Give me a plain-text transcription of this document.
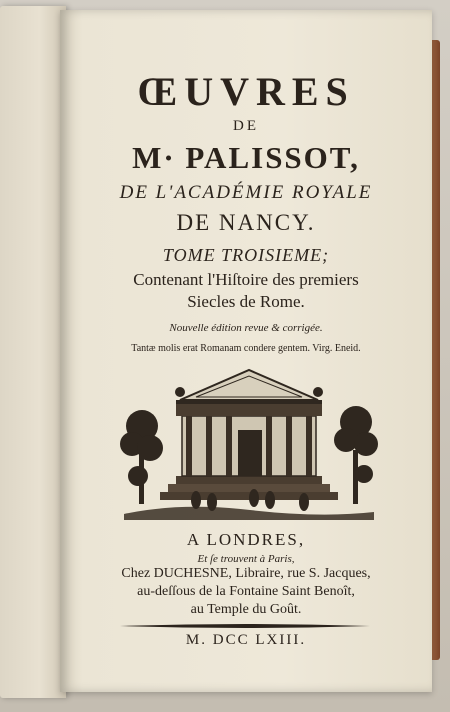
ŒUVRES
DE
M· PALISSOT,
DE L'ACADÉMIE ROYALE
DE NANCY.
TOME TROISIEME;
Contenant l'Hiſtoire des premiers
Siecles de Rome.
Nouvelle édition revue & corrigée.
Tantæ molis erat Romanam condere gentem. Virg. Eneid.
A LONDRES,
Et ſe trouvent à Paris,
Chez DUCHESNE, Libraire, rue S. Jacques,
au-deſſous de la Fontaine Saint Benoît,
au Temple du Goût.
M. DCC LXIII.
